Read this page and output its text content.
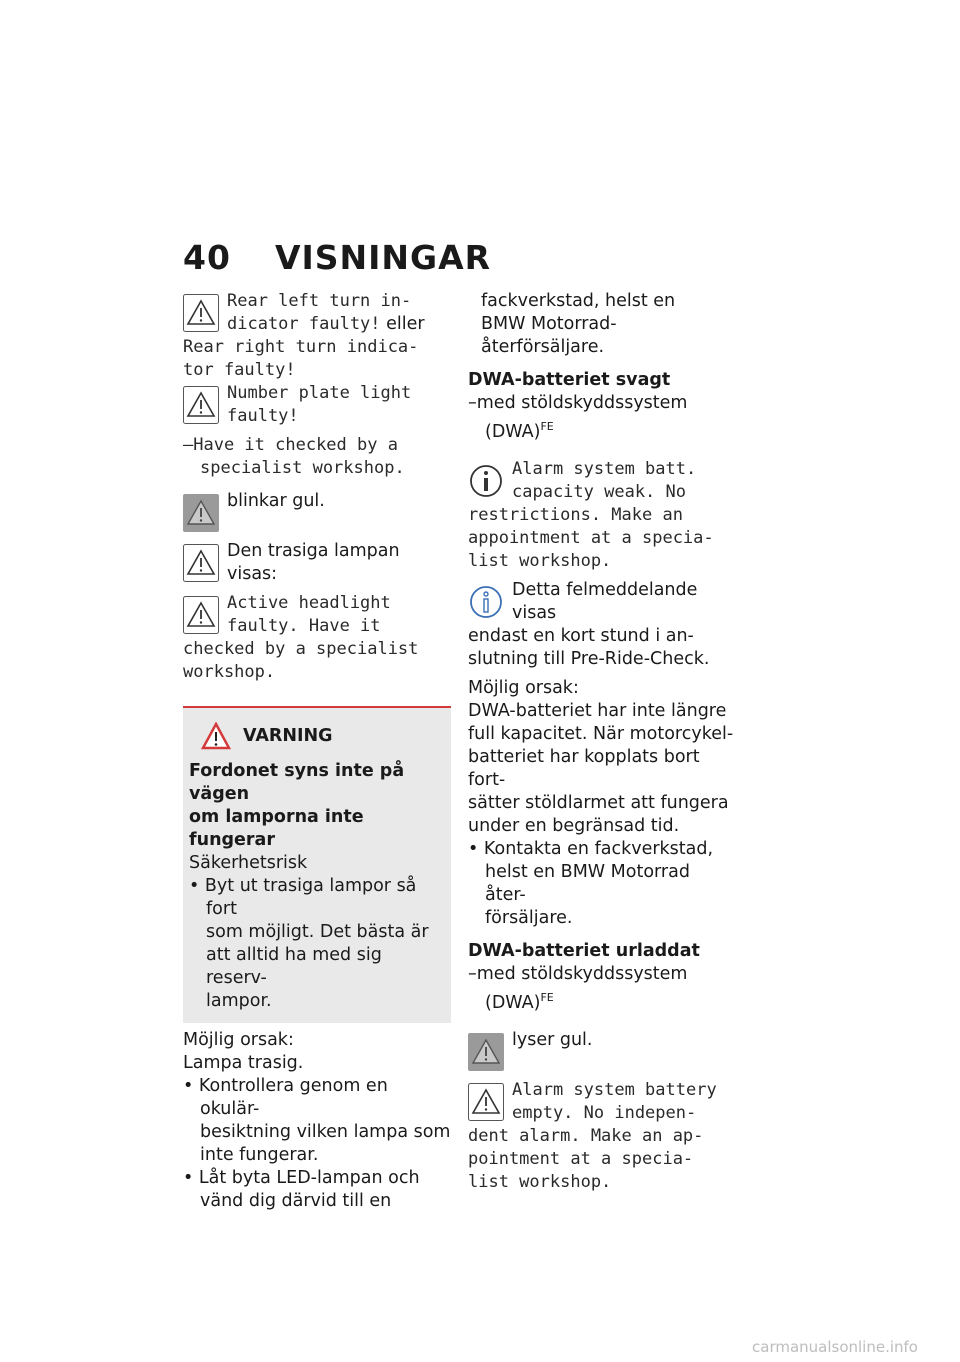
40 VISNINGAR
Rear left turn in-
dicator faulty! eller
Rear right turn indica-
tor faulty!
Number plate light
faulty!

–Have it checked by a
specialist workshop.

blinkar gul.
Den trasiga lampan visas:
Active headlight
faulty. Have it
checked by a specialist
workshop.
VARNING

Fordonet syns inte på vägen
om lamporna inte fungerar

Säkerhetsrisk

• Byt ut trasiga lampor så fort
som möjligt. Det bästa är
att alltid ha med sig reserv-
lampor.

Möjlig orsak:

Lampa trasig.

• Kontrollera genom en okulär-
besiktning vilken lampa som
inte fungerar.

• Låt byta LED-lampan och
vänd dig därvid till en

fackverkstad, helst en
BMW Motorrad-återförsäljare.

DWA-batteriet svagt

–med stöldskyddssystem
(DWA)$^{FE}$

Alarm system batt.
capacity weak. No
restrictions. Make an
appointment at a specia-
list workshop.
Detta felmeddelande visas
endast en kort stund i an-
slutning till Pre-Ride-Check.

Möjlig orsak:

DWA-batteriet har inte längre
full kapacitet. När motorcykel-
batteriet har kopplats bort fort-
sätter stöldlarmet att fungera
under en begränsad tid.

• Kontakta en fackverkstad,
helst en BMW Motorrad åter-
försäljare.

DWA-batteriet urladdat

–med stöldskyddssystem
(DWA)$^{FE}$

lyser gul.
Alarm system battery
empty. No indepen-
dent alarm. Make an ap-
pointment at a specia-
list workshop.
carmanualsonline.info
